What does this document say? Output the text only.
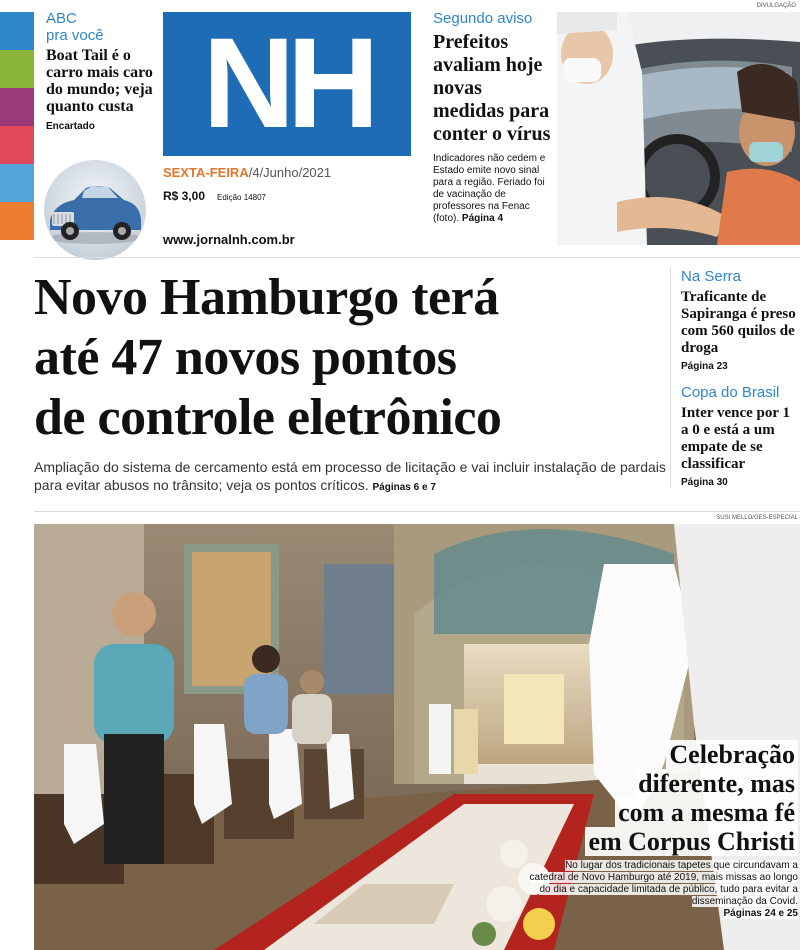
ABC
pra você
Boat Tail é o carro mais caro do mundo; veja quanto custa
Encartado NH
SEXTA-FEIRA/4/Junho/2021
R$ 3,00 Edição 14807
www.jornalnh.com.br
Segundo aviso
Prefeitos avaliam hoje novas medidas para conter o vírus
Indicadores não cedem e Estado emite novo sinal para a região. Feriado foi de vacinação de professores na Fenac (foto). Página 4
DIVULGAÇÃO
Novo Hamburgo terá
até 47 novos pontos
de controle eletrônico
Ampliação do sistema de cercamento está em processo de licitação e vai incluir instalação de pardais para evitar abusos no trânsito; veja os pontos críticos. Páginas 6 e 7
Na Serra
Traficante de Sapiranga é preso com 560 quilos de droga
Página 23
Copa do Brasil
Inter vence por 1 a 0 e está a um empate de se classificar
Página 30
SUSI MELLO/GES-ESPECIAL
Celebração
diferente, mas
com a mesma fé
em Corpus Christi
No lugar dos tradicionais tapetes que circundavam a catedral de Novo Hamburgo até 2019, mais missas ao longo do dia e capacidade limitada de público, tudo para evitar a disseminação da Covid.
Páginas 24 e 25
